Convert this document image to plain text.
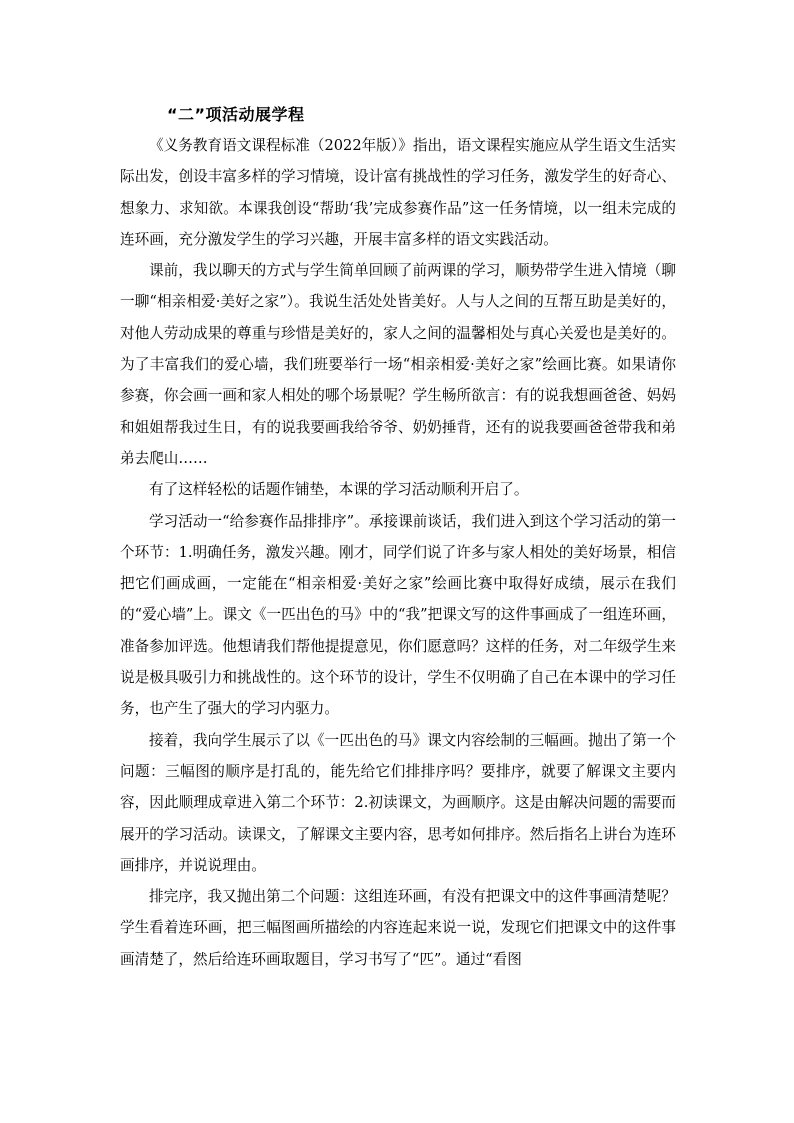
“二”项活动展学程

《义务教育语文课程标准（2022年版）》指出，语文课程实施应从学生语文生活实际出发，创设丰富多样的学习情境，设计富有挑战性的学习任务，激发学生的好奇心、想象力、求知欲。本课我创设“帮助‘我’完成参赛作品”这一任务情境，以一组未完成的连环画，充分激发学生的学习兴趣，开展丰富多样的语文实践活动。

课前，我以聊天的方式与学生简单回顾了前两课的学习，顺势带学生进入情境（聊一聊“相亲相爱·美好之家”）。我说生活处处皆美好。人与人之间的互帮互助是美好的，对他人劳动成果的尊重与珍惜是美好的，家人之间的温馨相处与真心关爱也是美好的。为了丰富我们的爱心墙，我们班要举行一场“相亲相爱·美好之家”绘画比赛。如果请你参赛，你会画一画和家人相处的哪个场景呢？学生畅所欲言：有的说我想画爸爸、妈妈和姐姐帮我过生日，有的说我要画我给爷爷、奶奶捶背，还有的说我要画爸爸带我和弟弟去爬山……

有了这样轻松的话题作铺垫，本课的学习活动顺利开启了。

学习活动一“给参赛作品排排序”。承接课前谈话，我们进入到这个学习活动的第一个环节：1.明确任务，激发兴趣。刚才，同学们说了许多与家人相处的美好场景，相信把它们画成画，一定能在“相亲相爱·美好之家”绘画比赛中取得好成绩，展示在我们的“爱心墙”上。课文《一匹出色的马》中的“我”把课文写的这件事画成了一组连环画，准备参加评选。他想请我们帮他提提意见，你们愿意吗？这样的任务，对二年级学生来说是极具吸引力和挑战性的。这个环节的设计，学生不仅明确了自己在本课中的学习任务，也产生了强大的学习内驱力。

接着，我向学生展示了以《一匹出色的马》课文内容绘制的三幅画。抛出了第一个问题：三幅图的顺序是打乱的，能先给它们排排序吗？要排序，就要了解课文主要内容，因此顺理成章进入第二个环节：2.初读课文，为画顺序。这是由解决问题的需要而展开的学习活动。读课文，了解课文主要内容，思考如何排序。然后指名上讲台为连环画排序，并说说理由。

排完序，我又抛出第二个问题：这组连环画，有没有把课文中的这件事画清楚呢？学生看着连环画，把三幅图画所描绘的内容连起来说一说，发现它们把课文中的这件事画清楚了，然后给连环画取题目，学习书写了“匹”。通过“看图
